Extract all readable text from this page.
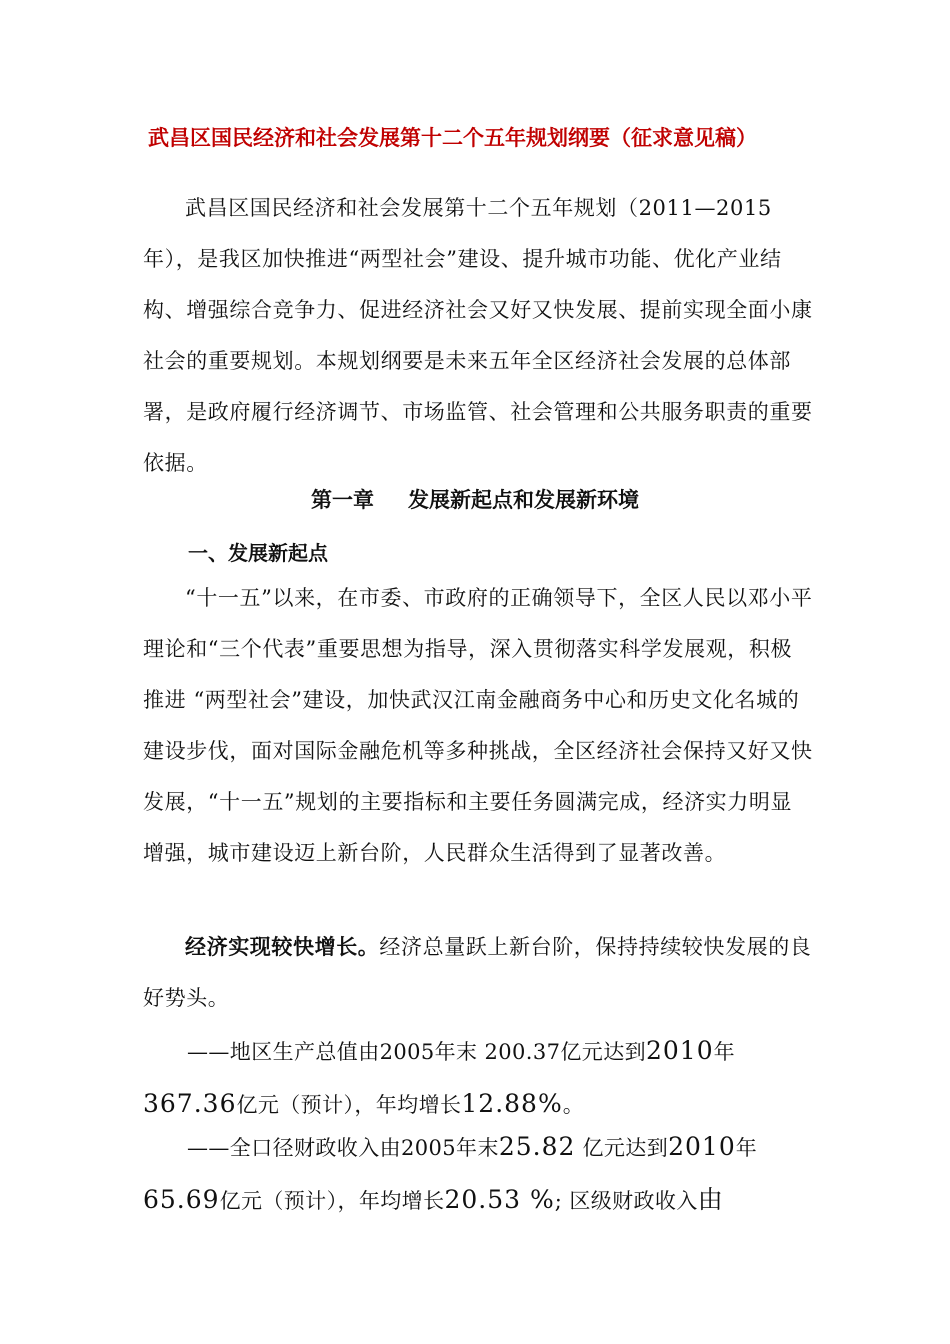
武昌区国民经济和社会发展第十二个五年规划纲要（征求意见稿）

武昌区国民经济和社会发展第十二个五年规划（2011—2015年），是我区加快推进“两型社会”建设、提升城市功能、优化产业结构、增强综合竞争力、促进经济社会又好又快发展、提前实现全面小康社会的重要规划。本规划纲要是未来五年全区经济社会发展的总体部署，是政府履行经济调节、市场监管、社会管理和公共服务职责的重要依据。

第一章 发展新起点和发展新环境
一、发展新起点

“十一五”以来，在市委、市政府的正确领导下，全区人民以邓小平理论和“三个代表”重要思想为指导，深入贯彻落实科学发展观，积极推进 “两型社会”建设，加快武汉江南金融商务中心和历史文化名城的建设步伐，面对国际金融危机等多种挑战，全区经济社会保持又好又快发展，“十一五”规划的主要指标和主要任务圆满完成，经济实力明显增强，城市建设迈上新台阶，人民群众生活得到了显著改善。

经济实现较快增长。经济总量跃上新台阶，保持持续较快发展的良好势头。

——地区生产总值由2005年末 200.37亿元达到2010年
367.36亿元（预计），年均增长12.88%。

——全口径财政收入由2005年末25.82 亿元达到2010年
65.69亿元（预计），年均增长20.53 %; 区级财政收入由
